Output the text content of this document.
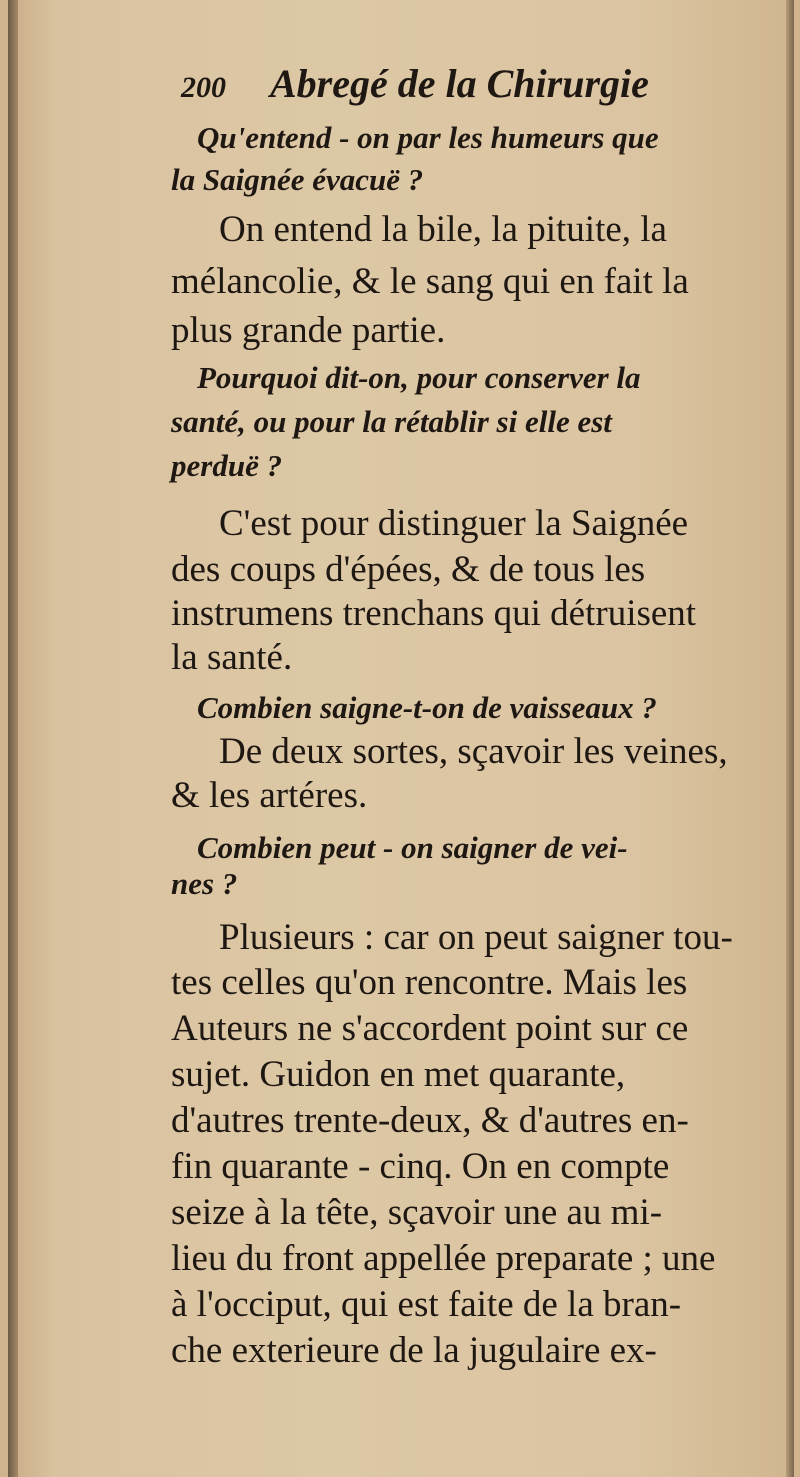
200 Abregé de la Chirurgie
Qu'entend - on par les humeurs que
la Saignée évacuë ?
On entend la bile, la pituite, la
mélancolie, & le sang qui en fait la
plus grande partie.
Pourquoi dit-on, pour conserver la
santé, ou pour la rétablir si elle est
perduë ?
C'est pour distinguer la Saignée
des coups d'épées, & de tous les
instrumens trenchans qui détruisent
la santé.
Combien saigne-t-on de vaisseaux ?
De deux sortes, sçavoir les veines,
& les artéres.
Combien peut - on saigner de vei-
nes ?
Plusieurs : car on peut saigner tou-
tes celles qu'on rencontre. Mais les
Auteurs ne s'accordent point sur ce
sujet. Guidon en met quarante,
d'autres trente-deux, & d'autres en-
fin quarante - cinq. On en compte
seize à la tête, sçavoir une au mi-
lieu du front appellée preparate ; une
à l'occiput, qui est faite de la bran-
che exterieure de la jugulaire ex-
